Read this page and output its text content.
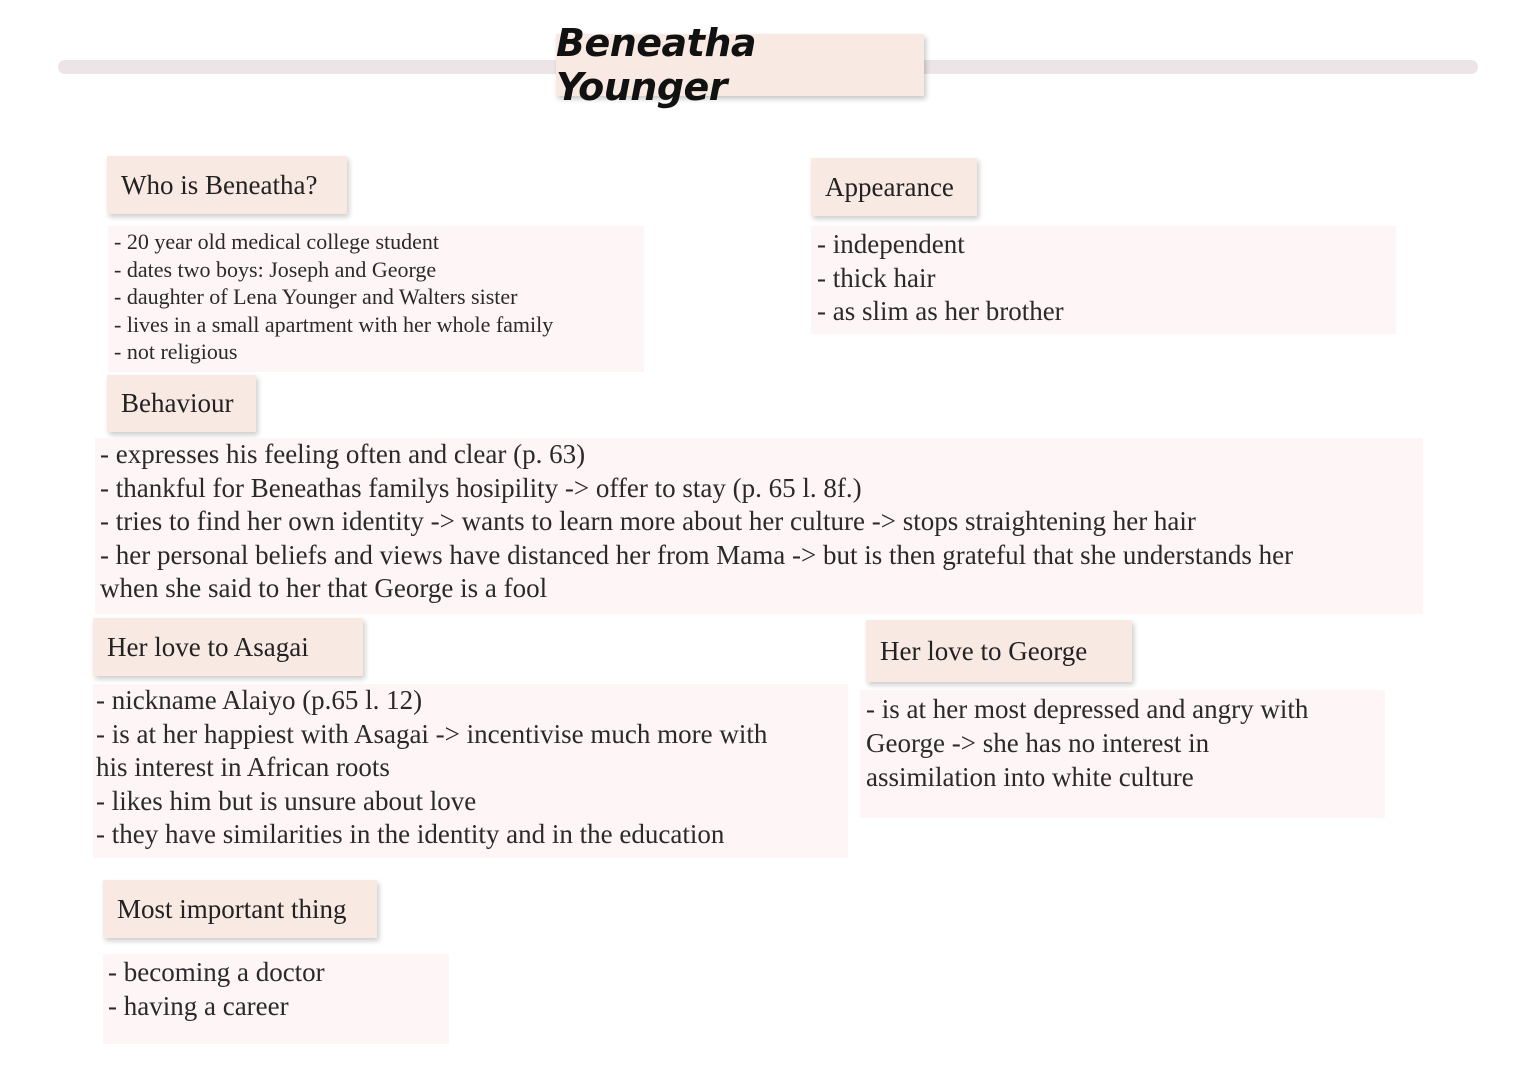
Beneatha Younger
Who is Beneatha?
- 20 year old medical college student
- dates two boys: Joseph and George
- daughter of Lena Younger and Walters sister
- lives in a small apartment with her whole family
- not religious
Appearance
- independent
- thick hair
- as slim as her brother
Behaviour
- expresses his feeling often and clear (p. 63)
- thankful for Beneathas familys hosipility -> offer to stay (p. 65 l. 8f.)
- tries to find her own identity -> wants to learn more about her culture -> stops straightening her hair
- her personal beliefs and views have distanced her from Mama -> but is then grateful that she understands her
when she said to her that George is a fool
Her love to Asagai
- nickname Alaiyo (p.65 l. 12)
- is at her happiest with Asagai -> incentivise much more with
his interest in African roots
- likes him but is unsure about love
- they have similarities in the identity and in the education
Her love to George
- is at her most depressed and angry with
George -> she has no interest in
assimilation into white culture
Most important thing
- becoming a doctor
- having a career
